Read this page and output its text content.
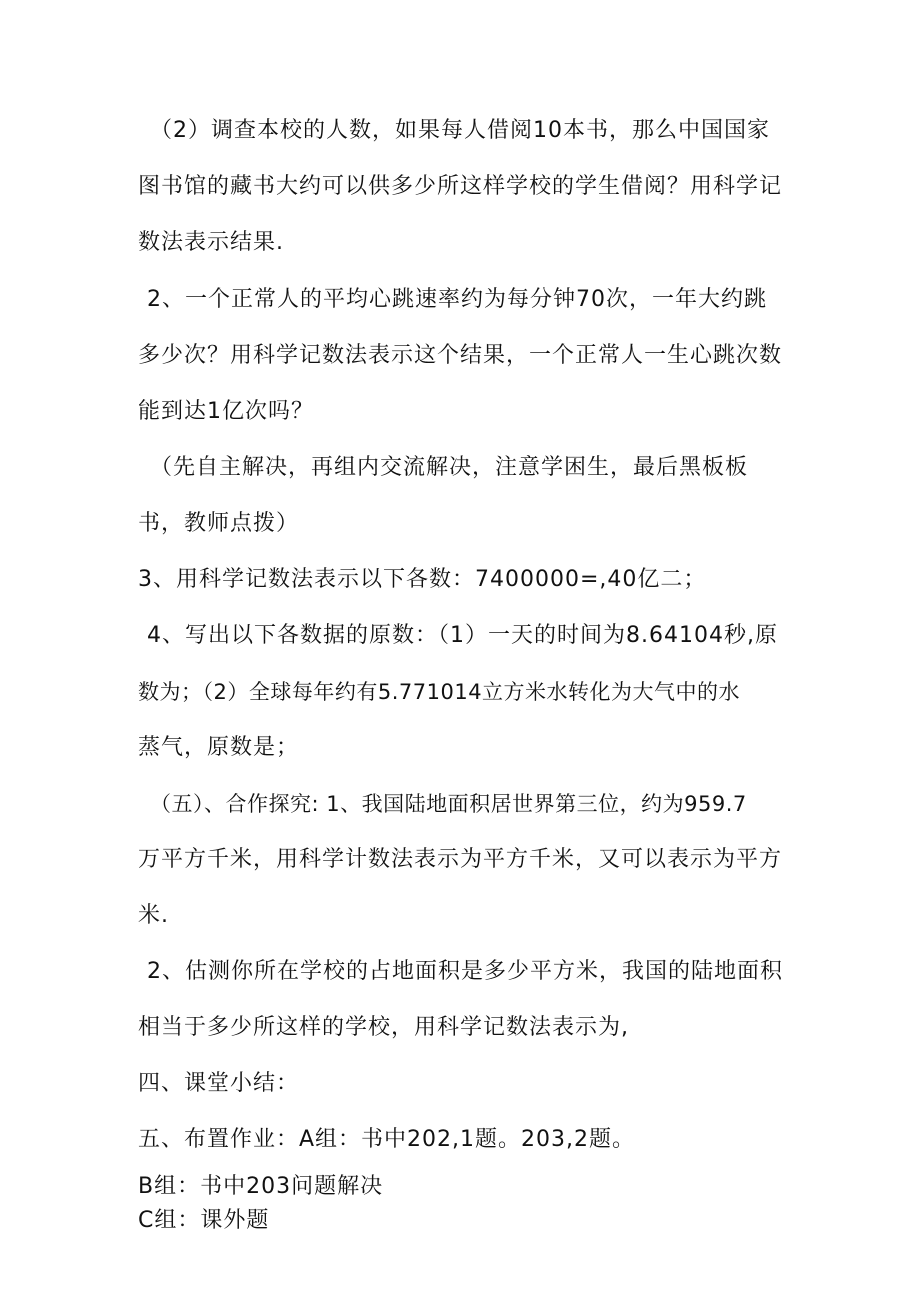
（2）调查本校的人数，如果每人借阅10本书，那么中国国家
图书馆的藏书大约可以供多少所这样学校的学生借阅？用科学记
数法表示结果.
2、一个正常人的平均心跳速率约为每分钟70次，一年大约跳
多少次？用科学记数法表示这个结果，一个正常人一生心跳次数
能到达1亿次吗？
（先自主解决，再组内交流解决，注意学困生，最后黑板板
书，教师点拨）
3、用科学记数法表示以下各数：7400000=,40亿二；
4、写出以下各数据的原数：（1）一天的时间为8.64104秒,原
数为；（2）全球每年约有5.771014立方米水转化为大气中的水
蒸气，原数是；
（五）、合作探究: 1、我国陆地面积居世界第三位，约为959.7
万平方千米，用科学计数法表示为平方千米，又可以表示为平方
米.
2、估测你所在学校的占地面积是多少平方米，我国的陆地面积
相当于多少所这样的学校，用科学记数法表示为,
四、课堂小结：
五、布置作业：A组：书中202,1题。203,2题。
B组：书中203问题解决
C组：课外题
